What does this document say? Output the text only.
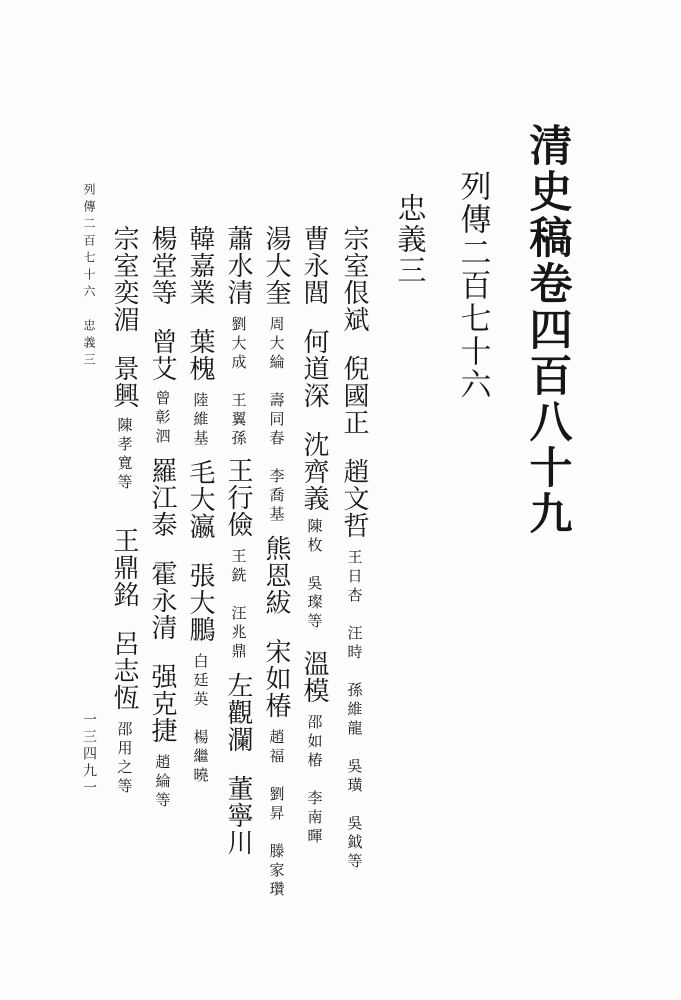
清史稿卷四百八十九
列傳二百七十六
忠義三
宗室佷斌
倪國正
趙文哲
王日杏　汪時　孫維龍　吳璜　吳鉞等
曹永閭
何道深
沈齊義
陳枚　吳璨等
溫模
邵如椿　李南暉
湯大奎
周大綸　壽同春　李喬基
熊恩紱
宋如椿
趙福　劉昇　滕家瓚
蕭水清
劉大成　王翼孫
王行儉
王銑　汪兆鼎
左觀瀾
董寧川
韓嘉業
葉槐
陸維基
毛大瀛
張大鵬
白廷英　楊繼曉
楊堂等
曾艾
曾彰泗
羅江泰
霍永清
强克捷
趙綸等
宗室奕湄
景興
陳孝寬等
王鼎銘
呂志恆
邵用之等
列傳二百七十六　忠義三
一三四九一
